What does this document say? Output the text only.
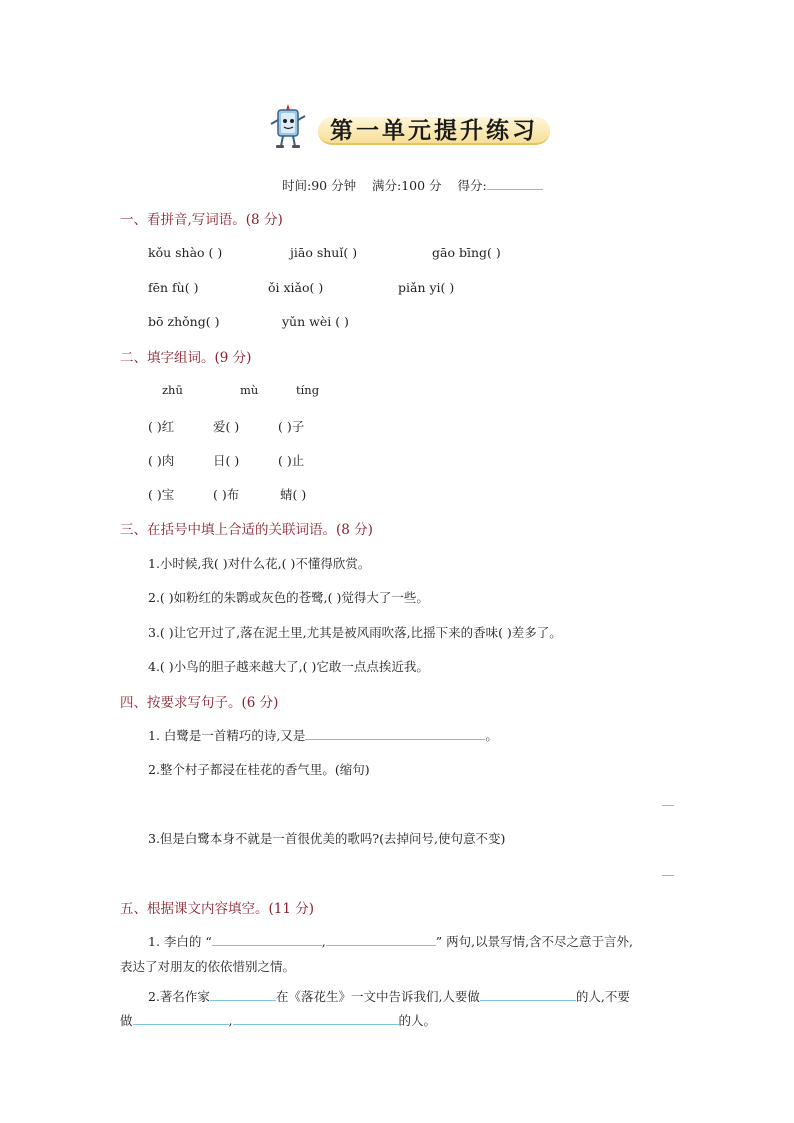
第一单元提升练习
时间:90 分钟 满分:100 分 得分:
一、看拼音,写词语。(8 分)
kǒu shào ( )	jiāo shuǐ( )	gāo bīng( )
fēn fù( )	ǒi xiǎo( )	piǎn yi( )
bō zhǒng( )	yǔn wèi ( )
二、填字组词。(9 分)
zhū	mù	tíng
( )红	爱( )	( )子
( )肉	日( )	( )止
( )宝	( )布	蜻( )
三、在括号中填上合适的关联词语。(8 分)
1.小时候,我( )对什么花,( )不懂得欣赏。
2.( )如粉红的朱鹮或灰色的苍鹭,( )觉得大了一些。
3.( )让它开过了,落在泥土里,尤其是被风雨吹落,比摇下来的香味( )差多了。
4.( )小鸟的胆子越来越大了,( )它敢一点点挨近我。
四、按要求写句子。(6 分)
1. 白鹭是一首精巧的诗,又是	。
2.整个村子都浸在桂花的香气里。(缩句)
3.但是白鹭本身不就是一首很优美的歌吗?(去掉问号,使句意不变)
五、根据课文内容填空。(11 分)
1. 李白的 “	,	” 两句,以景写情,含不尽之意于言外,
表达了对朋友的依依惜别之情。
2.著名作家	在《落花生》一文中告诉我们,人要做	的人,不要
做	,	的人。
